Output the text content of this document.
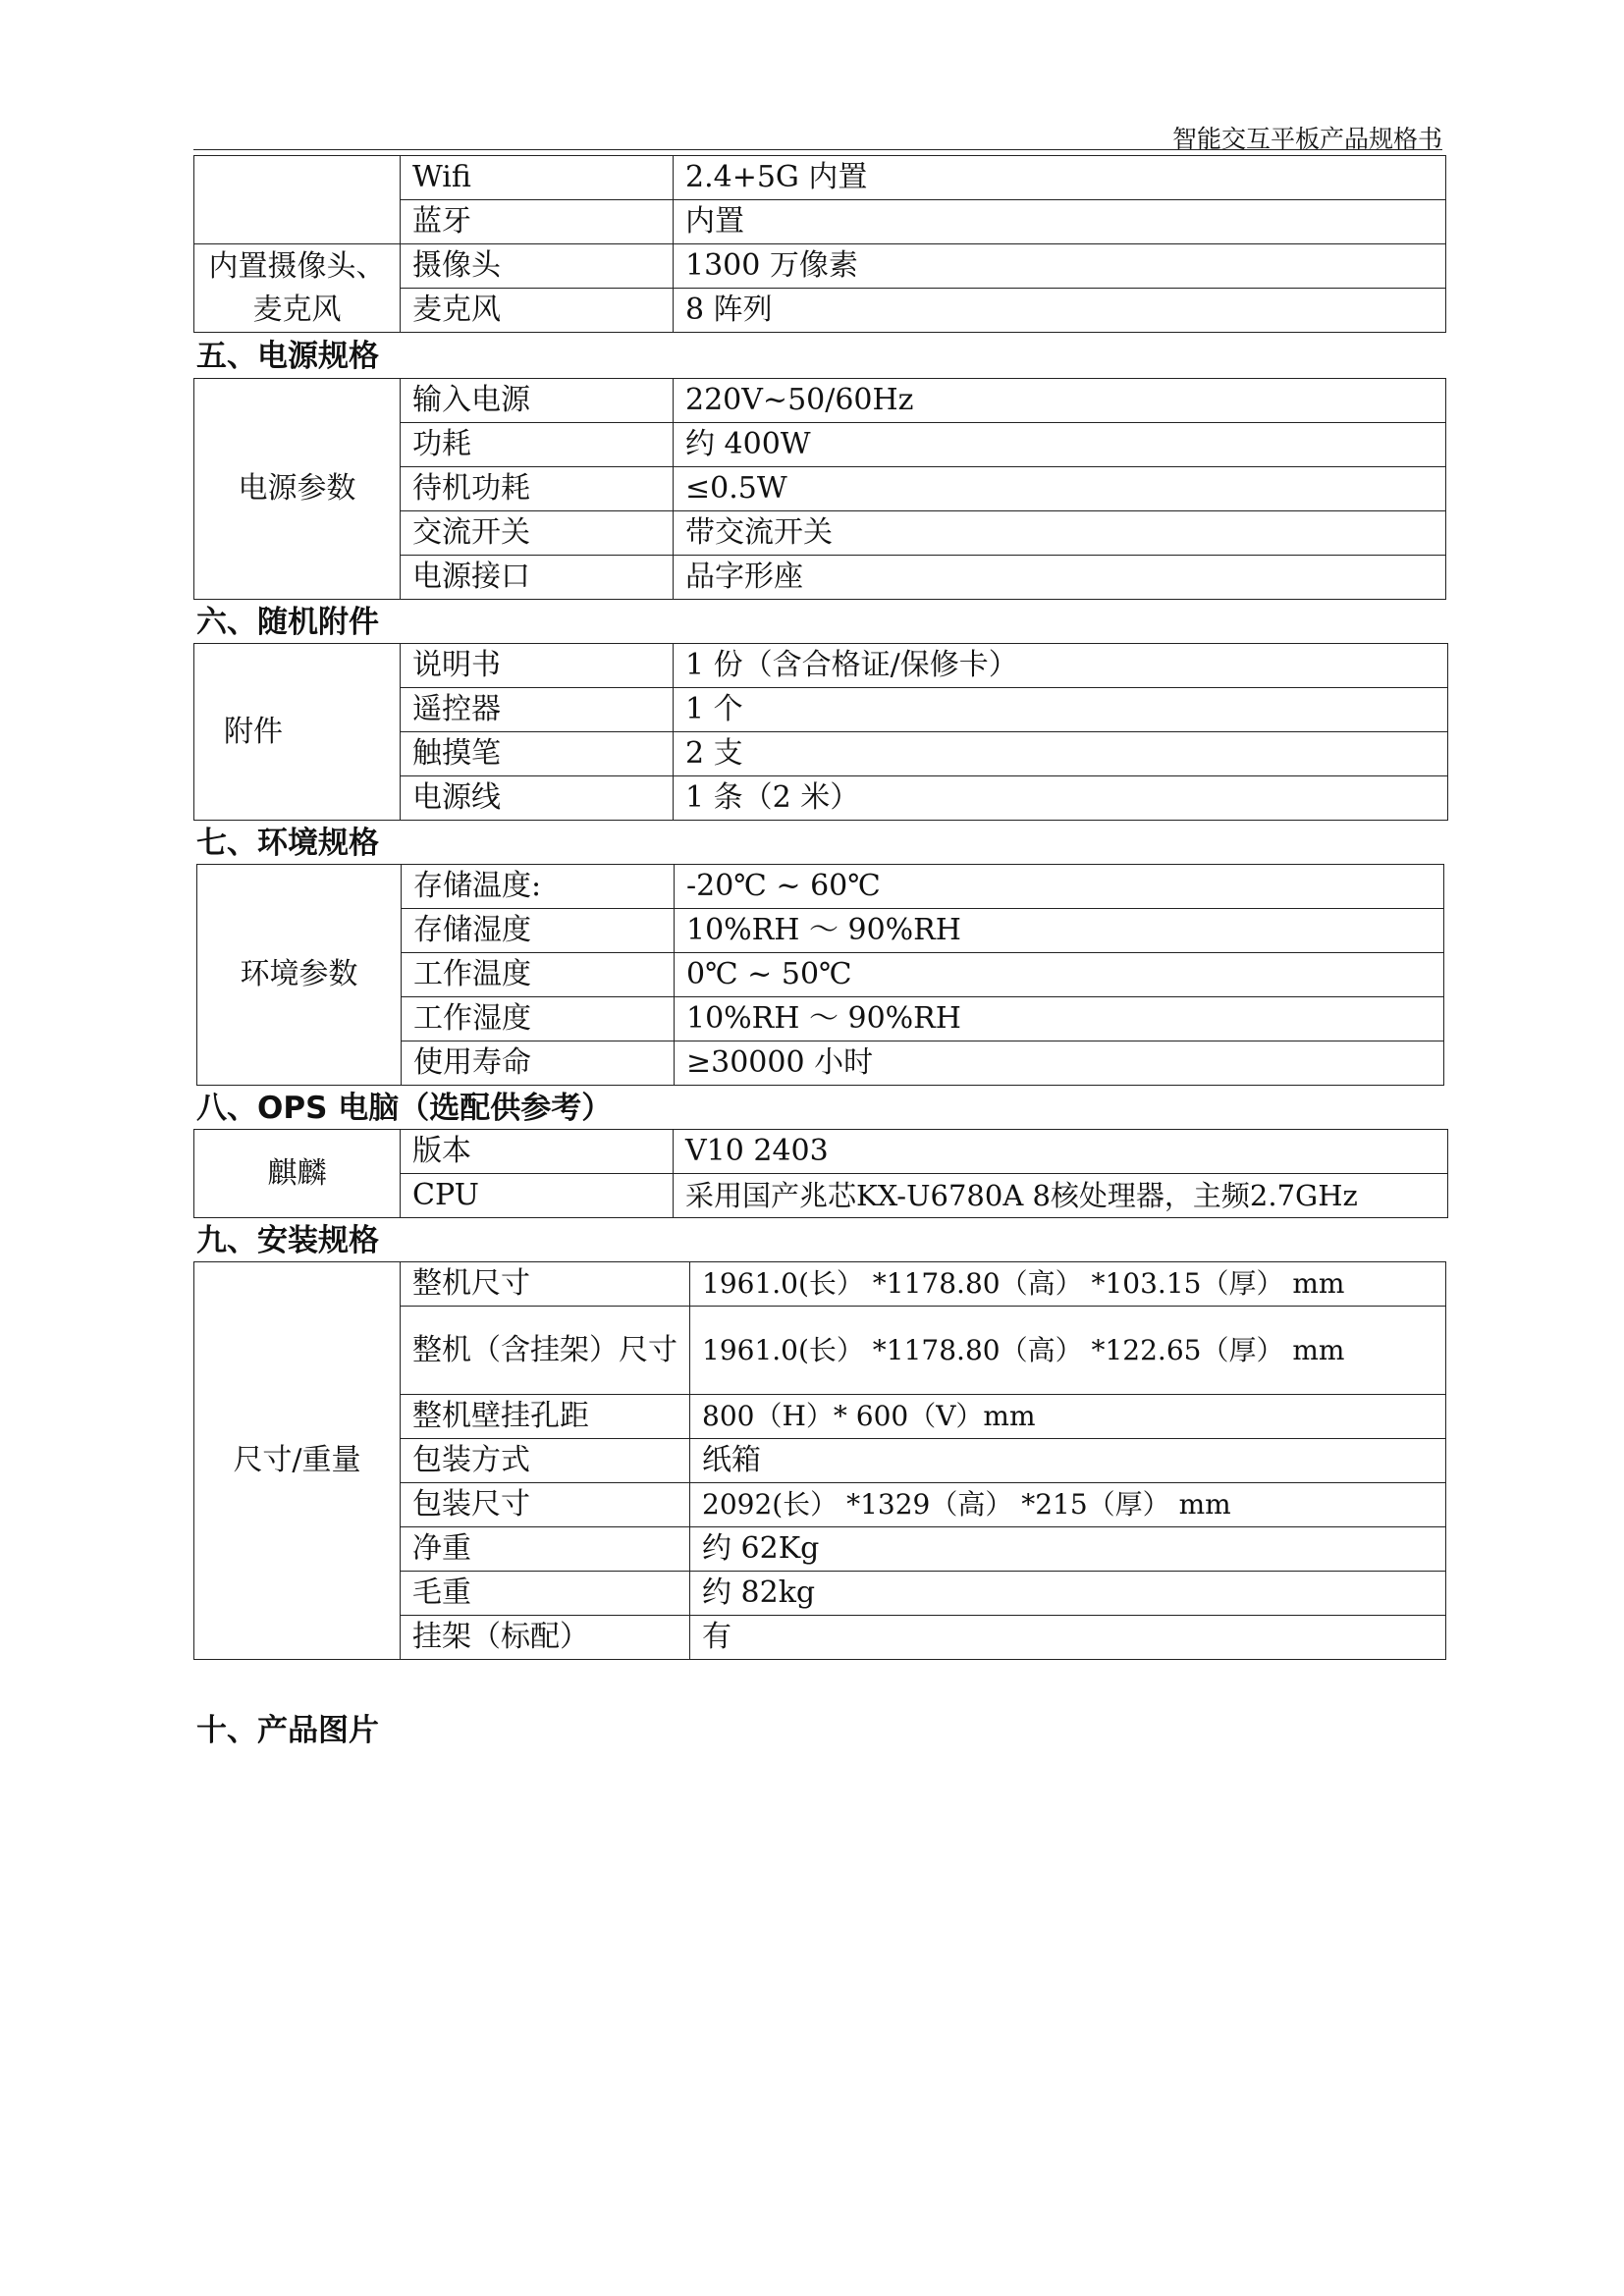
智能交互平板产品规格书
	Wifi	2.4+5G 内置
	蓝牙	内置
内置摄像头、麦克风	摄像头	1300 万像素
	麦克风	8 阵列
五、电源规格
电源参数	输入电源	220V~50/60Hz
	功耗	约 400W
	待机功耗	≤0.5W
	交流开关	带交流开关
	电源接口	品字形座
六、随机附件
附件	说明书	1 份（含合格证/保修卡）
	遥控器	1 个
	触摸笔	2 支
	电源线	1 条（2 米）
七、环境规格
环境参数	存储温度:	-20℃ ~ 60℃
	存储湿度	10%RH ～ 90%RH
	工作温度	0℃ ~ 50℃
	工作湿度	10%RH ～ 90%RH
	使用寿命	≥30000 小时
八、OPS 电脑（选配供参考）
麒麟	版本	V10 2403
	CPU	采用国产兆芯KX-U6780A 8核处理器，主频2.7GHz
九、安装规格
尺寸/重量	整机尺寸	1961.0(长） *1178.80（高） *103.15（厚） mm
	整机（含挂架）尺寸	1961.0(长） *1178.80（高） *122.65（厚） mm
	整机壁挂孔距	800（H）* 600（V）mm
	包装方式	纸箱
	包装尺寸	2092(长） *1329（高） *215（厚） mm
	净重	约 62Kg
	毛重	约 82kg
	挂架（标配）	有
十、产品图片
